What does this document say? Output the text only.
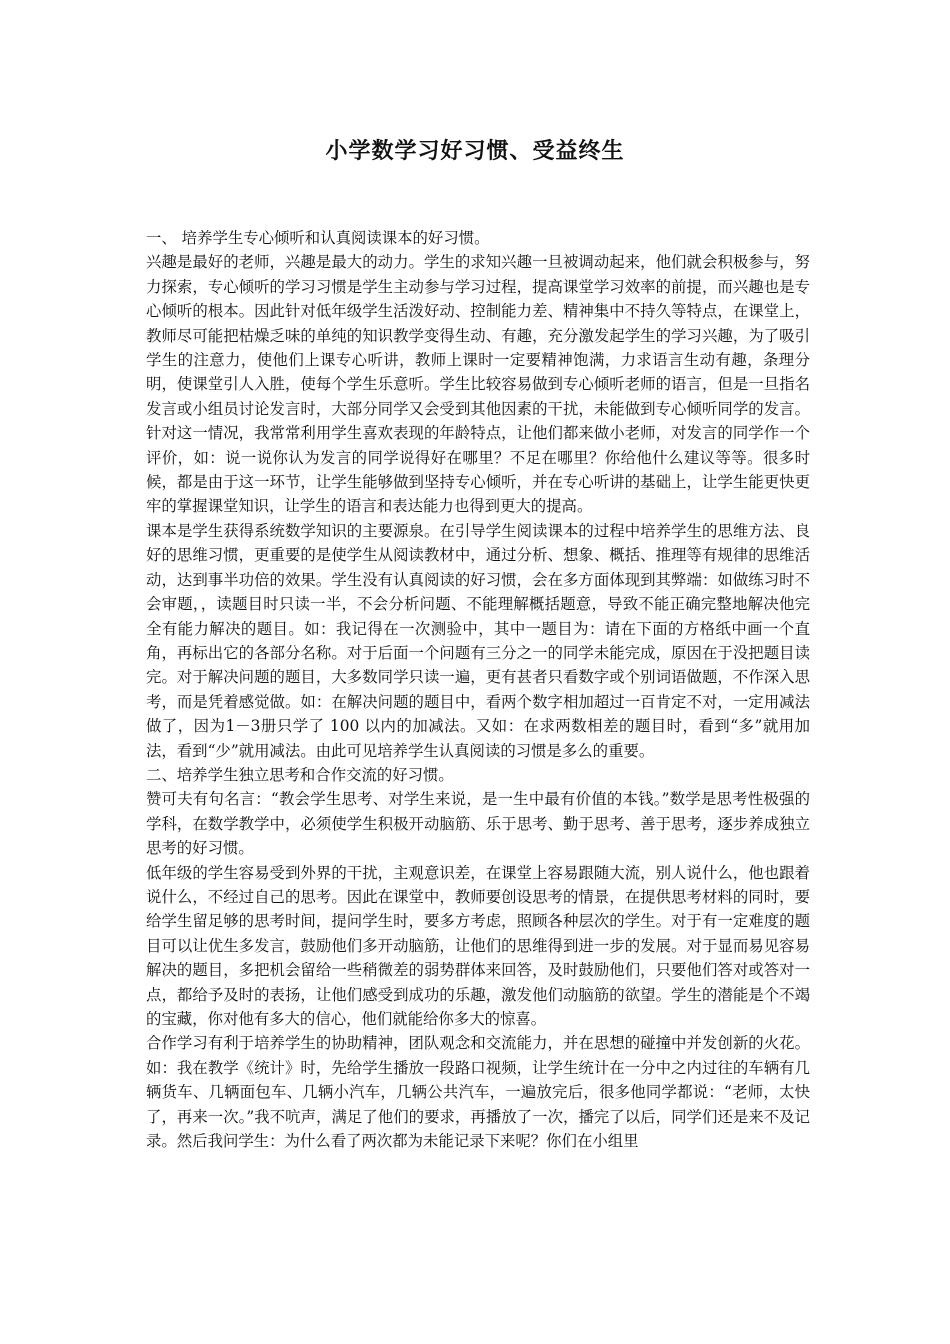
小学数学习好习惯、受益终生

一、 培养学生专心倾听和认真阅读课本的好习惯。

兴趣是最好的老师，兴趣是最大的动力。学生的求知兴趣一旦被调动起来，他们就会积极参与，努力探索，专心倾听的学习习惯是学生主动参与学习过程，提高课堂学习效率的前提，而兴趣也是专心倾听的根本。因此针对低年级学生活泼好动、控制能力差、精神集中不持久等特点，在课堂上，教师尽可能把枯燥乏味的单纯的知识教学变得生动、有趣，充分激发起学生的学习兴趣，为了吸引学生的注意力，使他们上课专心听讲，教师上课时一定要精神饱满，力求语言生动有趣，条理分明，使课堂引人入胜，使每个学生乐意听。学生比较容易做到专心倾听老师的语言，但是一旦指名发言或小组员讨论发言时，大部分同学又会受到其他因素的干扰，未能做到专心倾听同学的发言。针对这一情况，我常常利用学生喜欢表现的年龄特点，让他们都来做小老师，对发言的同学作一个评价，如：说一说你认为发言的同学说得好在哪里？不足在哪里？你给他什么建议等等。很多时候，都是由于这一环节，让学生能够做到坚持专心倾听，并在专心听讲的基础上，让学生能更快更牢的掌握课堂知识，让学生的语言和表达能力也得到更大的提高。

课本是学生获得系统数学知识的主要源泉。在引导学生阅读课本的过程中培养学生的思维方法、良好的思维习惯，更重要的是使学生从阅读教材中，通过分析、想象、概括、推理等有规律的思维活动，达到事半功倍的效果。学生没有认真阅读的好习惯，会在多方面体现到其弊端：如做练习时不会审题，，读题目时只读一半，不会分析问题、不能理解概括题意，导致不能正确完整地解决他完全有能力解决的题目。如：我记得在一次测验中，其中一题目为：请在下面的方格纸中画一个直角，再标出它的各部分名称。对于后面一个问题有三分之一的同学未能完成，原因在于没把题目读完。对于解决问题的题目，大多数同学只读一遍，更有甚者只看数字或个别词语做题，不作深入思考，而是凭着感觉做。如：在解决问题的题目中，看两个数字相加超过一百肯定不对，一定用减法做了，因为1－3册只学了 100 以内的加减法。又如：在求两数相差的题目时，看到“多”就用加法，看到“少”就用减法。由此可见培养学生认真阅读的习惯是多么的重要。

二、培养学生独立思考和合作交流的好习惯。

赞可夫有句名言：“教会学生思考、对学生来说，是一生中最有价值的本钱。”数学是思考性极强的学科，在数学教学中，必须使学生积极开动脑筋、乐于思考、勤于思考、善于思考，逐步养成独立思考的好习惯。

低年级的学生容易受到外界的干扰，主观意识差，在课堂上容易跟随大流，别人说什么，他也跟着说什么，不经过自己的思考。因此在课堂中，教师要创设思考的情景，在提供思考材料的同时，要给学生留足够的思考时间，提问学生时，要多方考虑，照顾各种层次的学生。对于有一定难度的题目可以让优生多发言，鼓励他们多开动脑筋，让他们的思维得到进一步的发展。对于显而易见容易解决的题目，多把机会留给一些稍微差的弱势群体来回答，及时鼓励他们，只要他们答对或答对一点，都给予及时的表扬，让他们感受到成功的乐趣，激发他们动脑筋的欲望。学生的潜能是个不竭的宝藏，你对他有多大的信心，他们就能给你多大的惊喜。

合作学习有利于培养学生的协助精神，团队观念和交流能力，并在思想的碰撞中并发创新的火花。如：我在教学《统计》时，先给学生播放一段路口视频，让学生统计在一分中之内过往的车辆有几辆货车、几辆面包车、几辆小汽车，几辆公共汽车，一遍放完后，很多他同学都说：“老师，太快了，再来一次。”我不吭声，满足了他们的要求，再播放了一次，播完了以后，同学们还是来不及记录。然后我问学生：为什么看了两次都为未能记录下来呢？你们在小组里
